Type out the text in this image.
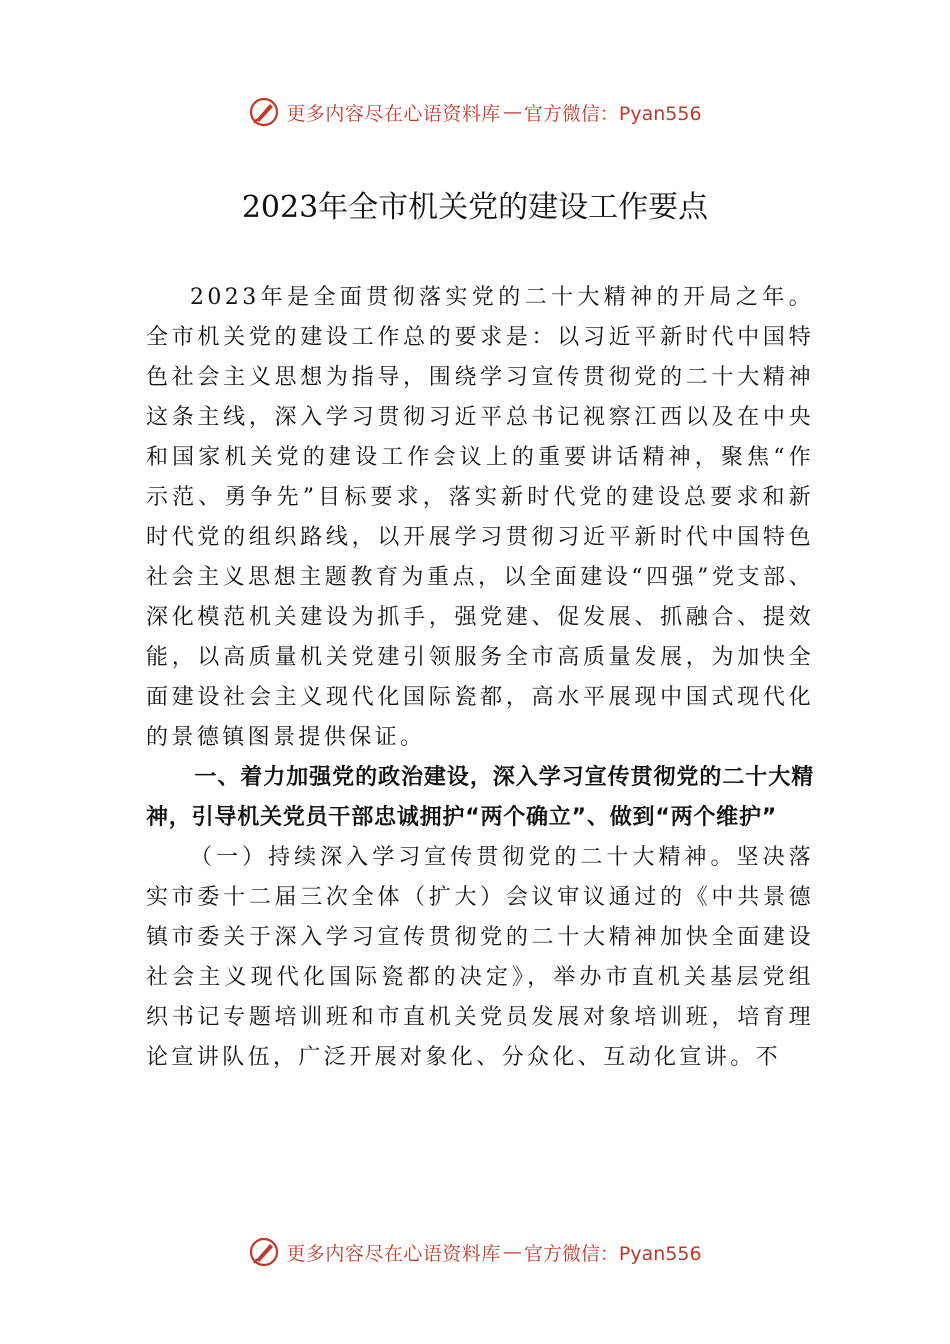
更多内容尽在心语资料库 — 官方微信：Pyan556
2023年全市机关党的建设工作要点

2023年是全面贯彻落实党的二十大精神的开局之年。全市机关党的建设工作总的要求是：以习近平新时代中国特色社会主义思想为指导，围绕学习宣传贯彻党的二十大精神这条主线，深入学习贯彻习近平总书记视察江西以及在中央和国家机关党的建设工作会议上的重要讲话精神，聚焦“作示范、勇争先”目标要求，落实新时代党的建设总要求和新时代党的组织路线，以开展学习贯彻习近平新时代中国特色社会主义思想主题教育为重点，以全面建设“四强”党支部、深化模范机关建设为抓手，强党建、促发展、抓融合、提效能，以高质量机关党建引领服务全市高质量发展，为加快全面建设社会主义现代化国际瓷都，高水平展现中国式现代化的景德镇图景提供保证。

一、着力加强党的政治建设，深入学习宣传贯彻党的二十大精神，引导机关党员干部忠诚拥护“两个确立”、做到“两个维护”

（一）持续深入学习宣传贯彻党的二十大精神。坚决落实市委十二届三次全体（扩大）会议审议通过的《中共景德镇市委关于深入学习宣传贯彻党的二十大精神加快全面建设社会主义现代化国际瓷都的决定》，举办市直机关基层党组织书记专题培训班和市直机关党员发展对象培训班，培育理论宣讲队伍，广泛开展对象化、分众化、互动化宣讲。不

更多内容尽在心语资料库 — 官方微信：Pyan556
